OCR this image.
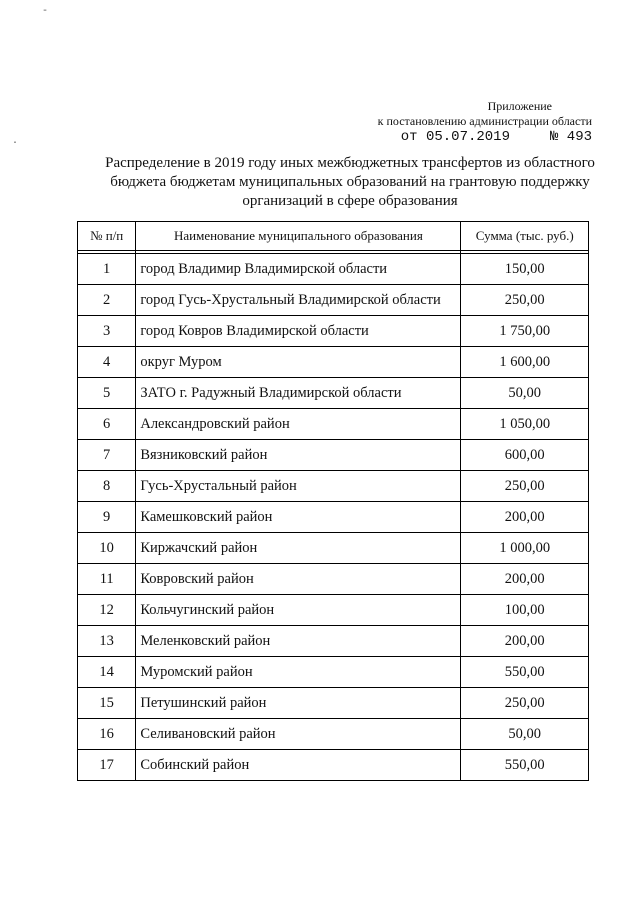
-
.
Приложение
к постановлению администрации области
от 05.07.2019	№ 493
Распределение в 2019 году иных межбюджетных трансфертов из областного
бюджета бюджетам муниципальных образований на грантовую поддержку
организаций в сфере образования
№ п/п	Наименование муниципального образования	Сумма (тыс. руб.)

1	город Владимир Владимирской области	150,00
2	город Гусь-Хрустальный Владимирской области	250,00
3	город Ковров Владимирской области	1 750,00
4	округ Муром	1 600,00
5	ЗАТО г. Радужный Владимирской области	50,00
6	Александровский район	1 050,00
7	Вязниковский район	600,00
8	Гусь-Хрустальный район	250,00
9	Камешковский район	200,00
10	Киржачский район	1 000,00
11	Ковровский район	200,00
12	Кольчугинский район	100,00
13	Меленковский район	200,00
14	Муромский район	550,00
15	Петушинский район	250,00
16	Селивановский район	50,00
17	Собинский район	550,00
